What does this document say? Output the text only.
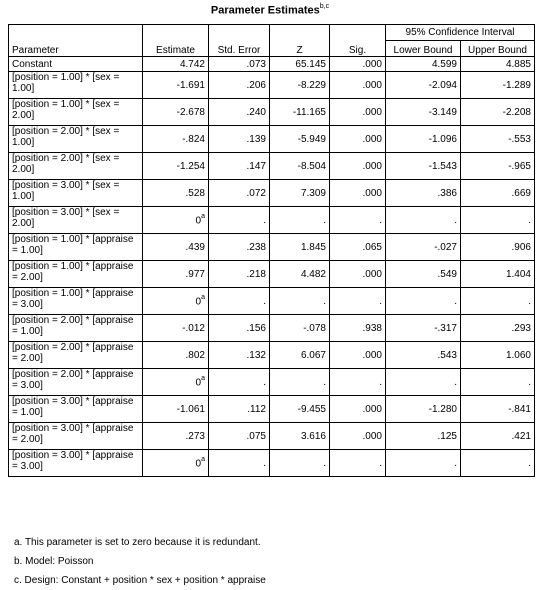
Parameter Estimates$^{b,c}$
Parameter	Estimate	Std. Error	Z	Sig.	95% Confidence Interval	
					Lower Bound	Upper Bound
Constant	4.742	.073	65.145	.000	4.599	4.885
[position = 1.00] * [sex = 1.00]	-1.691	.206	-8.229	.000	-2.094	-1.289
[position = 1.00] * [sex = 2.00]	-2.678	.240	-11.165	.000	-3.149	-2.208
[position = 2.00] * [sex = 1.00]	-.824	.139	-5.949	.000	-1.096	-.553
[position = 2.00] * [sex = 2.00]	-1.254	.147	-8.504	.000	-1.543	-.965
[position = 3.00] * [sex = 1.00]	.528	.072	7.309	.000	.386	.669
[position = 3.00] * [sex = 2.00]	0$^a$	.	.	.	.	.
[position = 1.00] * [appraise = 1.00]	.439	.238	1.845	.065	-.027	.906
[position = 1.00] * [appraise = 2.00]	.977	.218	4.482	.000	.549	1.404
[position = 1.00] * [appraise = 3.00]	0$^a$	.	.	.	.	.
[position = 2.00] * [appraise = 1.00]	-.012	.156	-.078	.938	-.317	.293
[position = 2.00] * [appraise = 2.00]	.802	.132	6.067	.000	.543	1.060
[position = 2.00] * [appraise = 3.00]	0$^a$	.	.	.	.	.
[position = 3.00] * [appraise = 1.00]	-1.061	.112	-9.455	.000	-1.280	-.841
[position = 3.00] * [appraise = 2.00]	.273	.075	3.616	.000	.125	.421
[position = 3.00] * [appraise = 3.00]	0$^a$	.	.	.	.	.
a. This parameter is set to zero because it is redundant.
b. Model: Poisson
c. Design: Constant + position * sex + position * appraise
